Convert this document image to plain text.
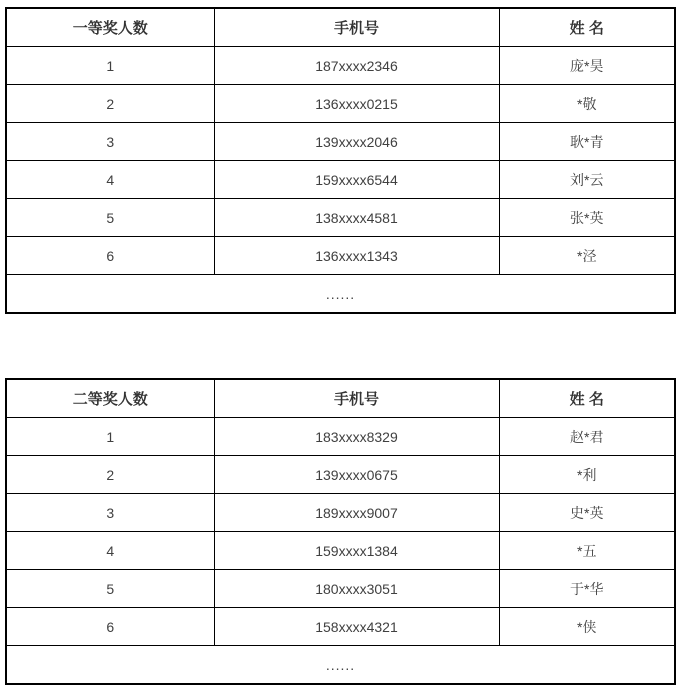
一等奖人数	手机号	姓 名
1	187xxxx2346	庞*昊
2	136xxxx0215	*敬
3	139xxxx2046	耿*青
4	159xxxx6544	刘*云
5	138xxxx4581	张*英
6	136xxxx1343	*泾
......		
二等奖人数	手机号	姓 名
1	183xxxx8329	赵*君
2	139xxxx0675	*利
3	189xxxx9007	史*英
4	159xxxx1384	*五
5	180xxxx3051	于*华
6	158xxxx4321	*侠
......		
